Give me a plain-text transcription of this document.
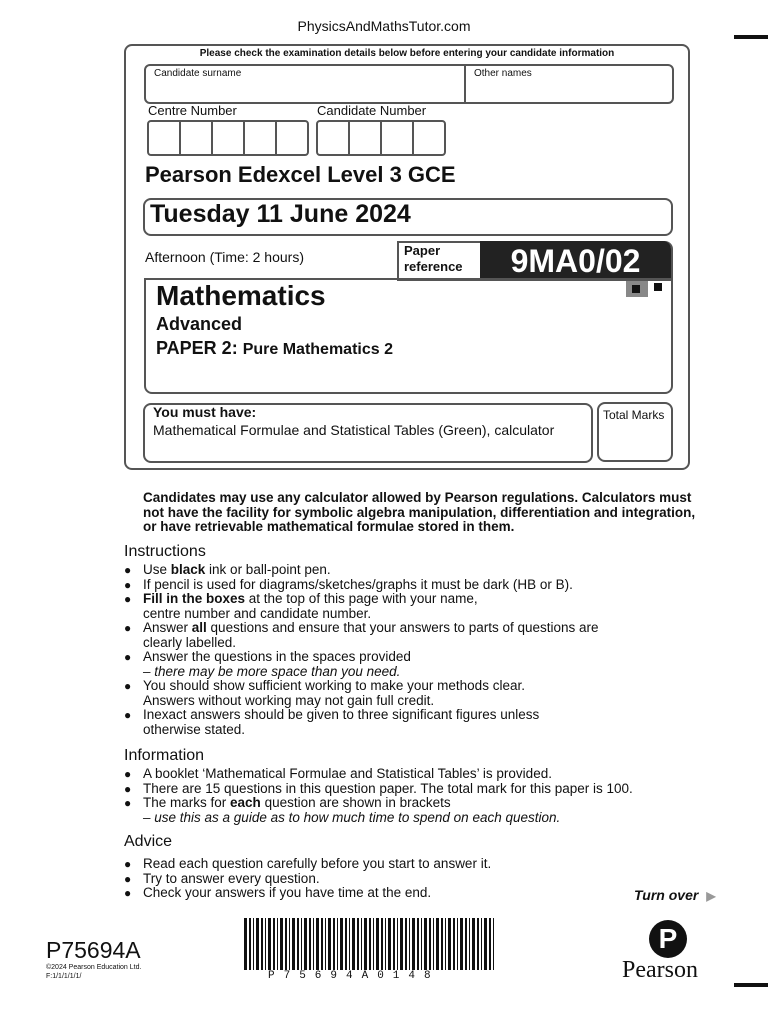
PhysicsAndMathsTutor.com
Please check the examination details below before entering your candidate information
Candidate surname	Other names
Centre Number	Candidate Number
Pearson Edexcel Level 3 GCE
Tuesday 11 June 2024
Afternoon (Time: 2 hours)	Paper
reference	9MA0/02
Mathematics
Advanced
PAPER 2: Pure Mathematics 2
You must have:
Mathematical Formulae and Statistical Tables (Green), calculator
Total Marks
Candidates may use any calculator allowed by Pearson regulations. Calculators must not have the facility for symbolic algebra manipulation, differentiation and integration, or have retrievable mathematical formulae stored in them.
Instructions
● Use black ink or ball-point pen.
● If pencil is used for diagrams/sketches/graphs it must be dark (HB or B).
● Fill in the boxes at the top of this page with your name,
centre number and candidate number.
● Answer all questions and ensure that your answers to parts of questions are
clearly labelled.
● Answer the questions in the spaces provided
– there may be more space than you need.
● You should show sufficient working to make your methods clear.
Answers without working may not gain full credit.
● Inexact answers should be given to three significant figures unless
otherwise stated.
Information
● A booklet ‘Mathematical Formulae and Statistical Tables’ is provided.
● There are 15 questions in this question paper. The total mark for this paper is 100.
● The marks for each question are shown in brackets
– use this as a guide as to how much time to spend on each question.
Advice
● Read each question carefully before you start to answer it.
● Try to answer every question.
● Check your answers if you have time at the end.	Turn over ▶
P75694A
©2024 Pearson Education Ltd.
F:1/1/1/1/1/	P75694A0148
P
Pearson
